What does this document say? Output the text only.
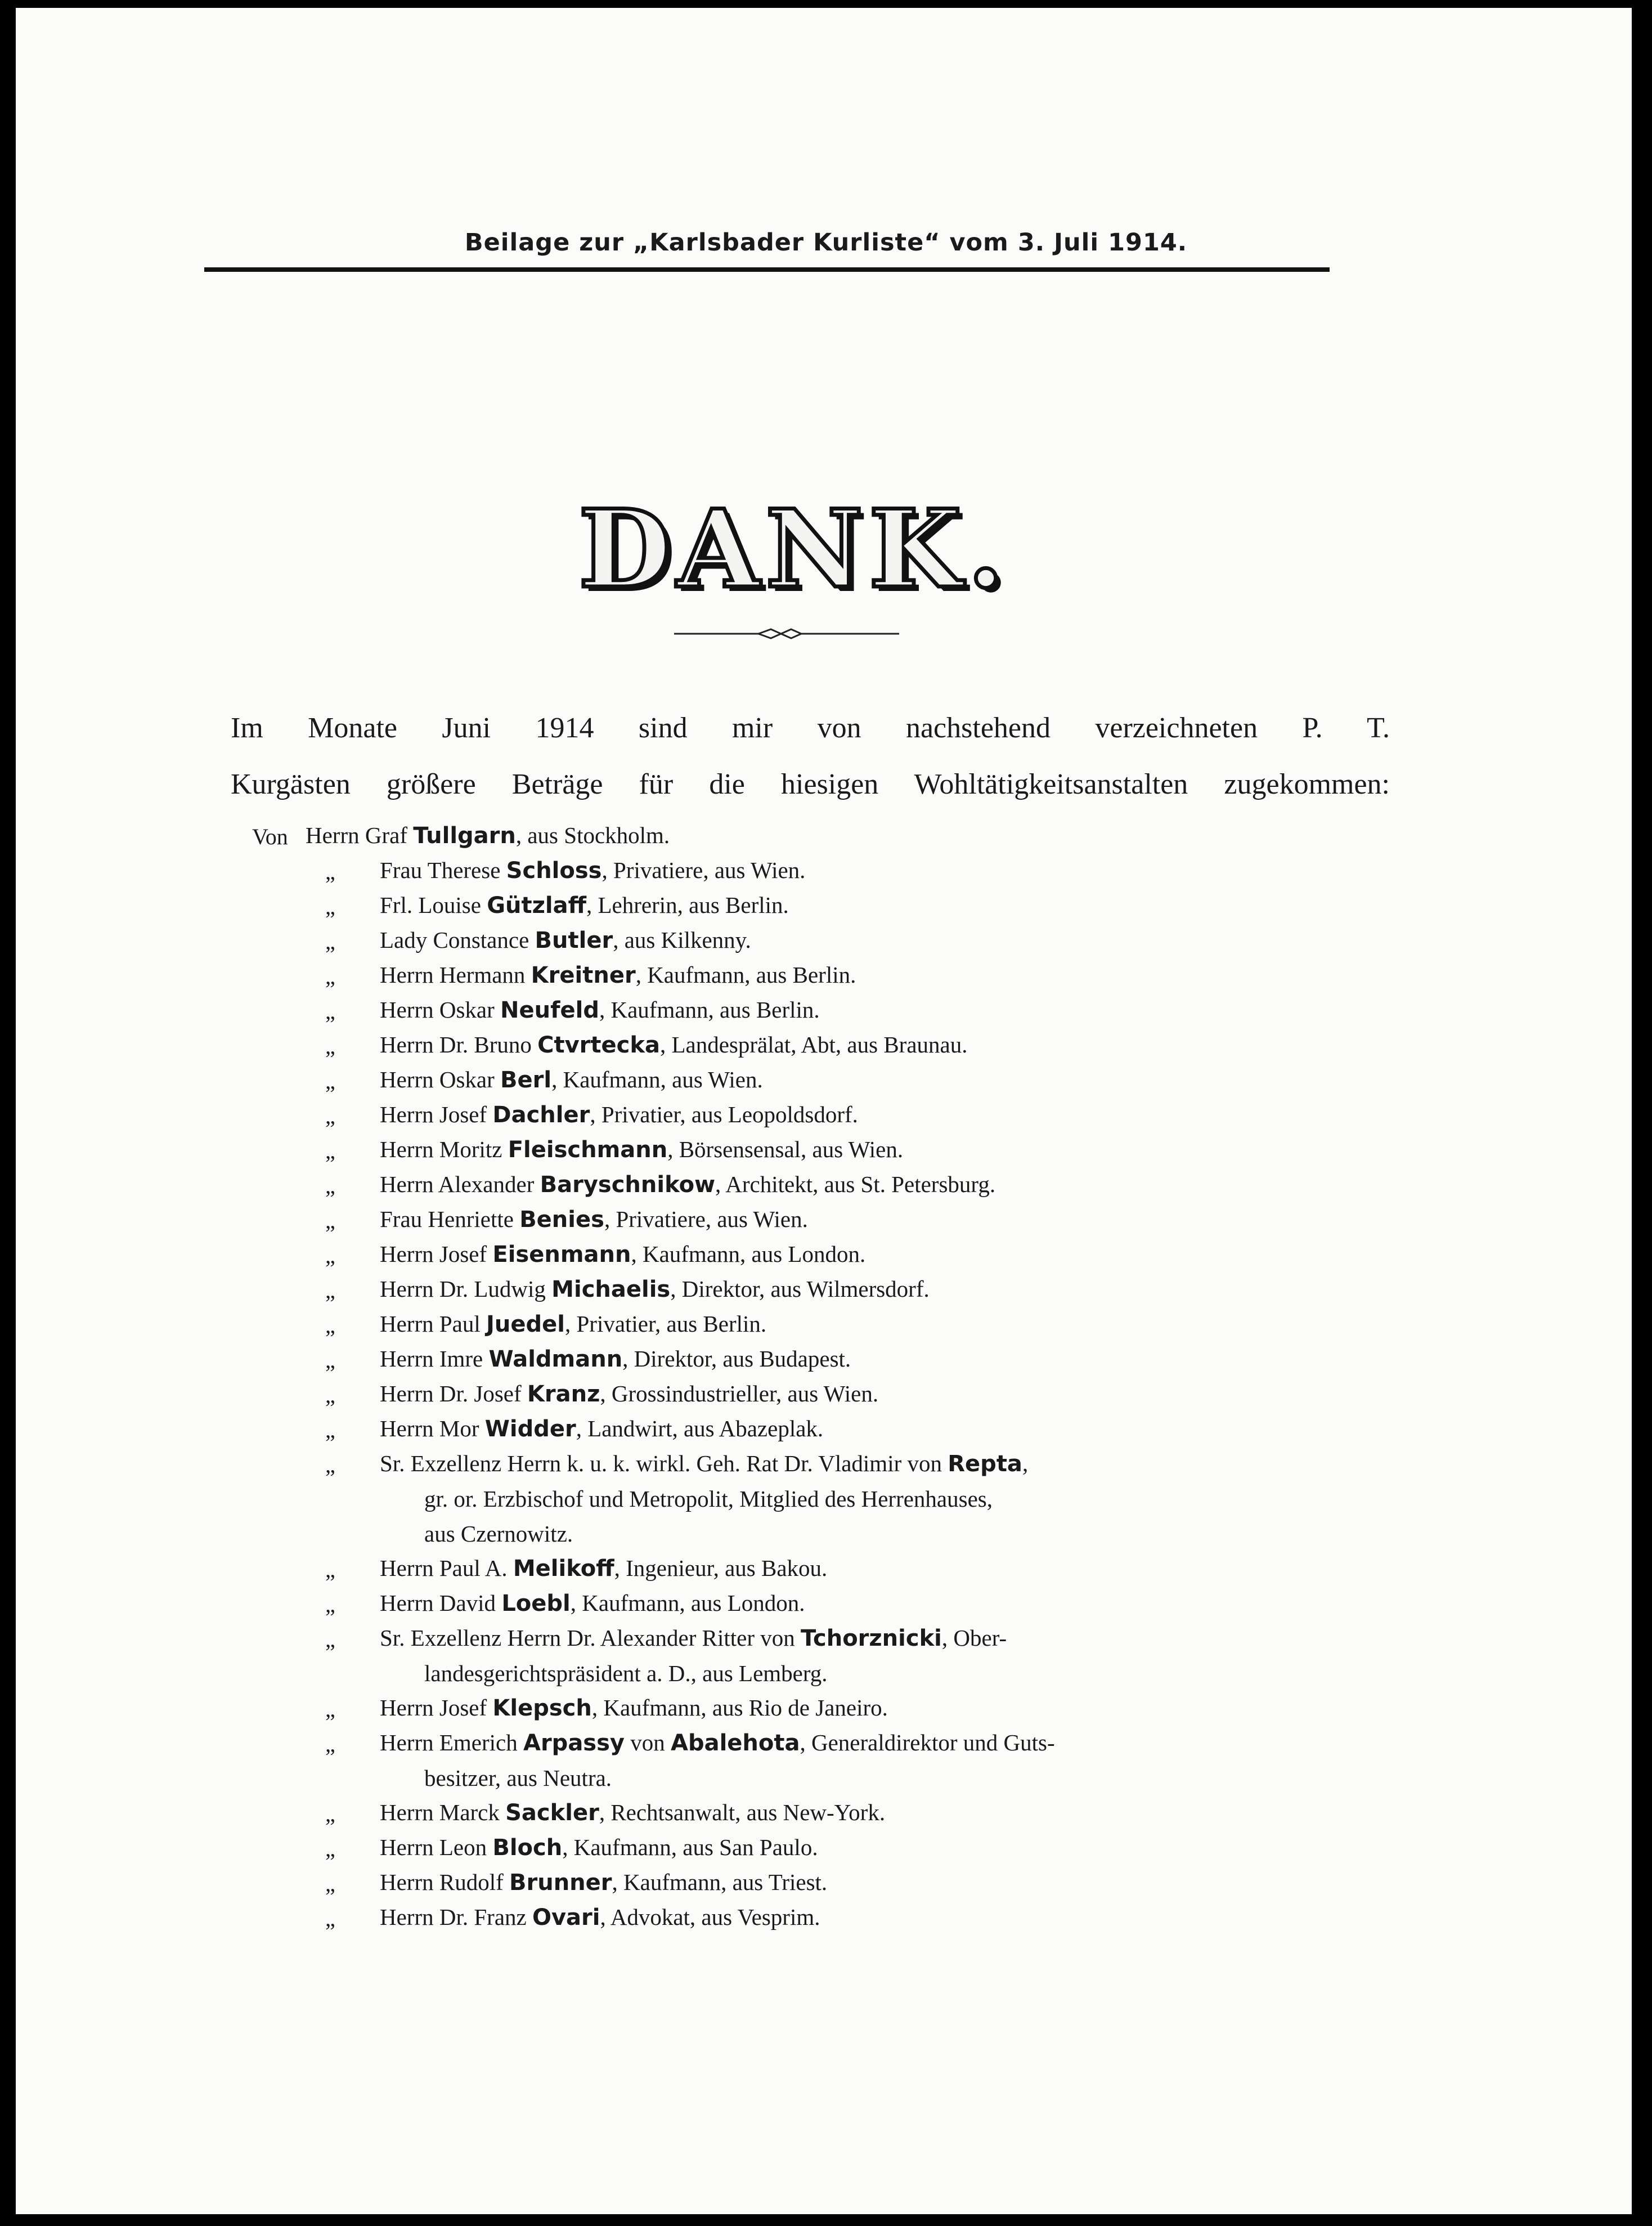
Beilage zur „Karlsbader Kurliste“ vom 3. Juli 1914.
DANK.

Im Monate Juni 1914 sind mir von nachstehend verzeichneten P. T.

Kurgästen größere Beträge für die hiesigen Wohltätigkeitsanstalten zugekommen:

Von Herrn Graf Tullgarn, aus Stockholm.
„ Frau Therese Schloss, Privatiere, aus Wien.
„ Frl. Louise Gützlaff, Lehrerin, aus Berlin.
„ Lady Constance Butler, aus Kilkenny.
„ Herrn Hermann Kreitner, Kaufmann, aus Berlin.
„ Herrn Oskar Neufeld, Kaufmann, aus Berlin.
„ Herrn Dr. Bruno Ctvrtecka, Landesprälat, Abt, aus Braunau.
„ Herrn Oskar Berl, Kaufmann, aus Wien.
„ Herrn Josef Dachler, Privatier, aus Leopoldsdorf.
„ Herrn Moritz Fleischmann, Börsensensal, aus Wien.
„ Herrn Alexander Baryschnikow, Architekt, aus St. Petersburg.
„ Frau Henriette Benies, Privatiere, aus Wien.
„ Herrn Josef Eisenmann, Kaufmann, aus London.
„ Herrn Dr. Ludwig Michaelis, Direktor, aus Wilmersdorf.
„ Herrn Paul Juedel, Privatier, aus Berlin.
„ Herrn Imre Waldmann, Direktor, aus Budapest.
„ Herrn Dr. Josef Kranz, Grossindustrieller, aus Wien.
„ Herrn Mor Widder, Landwirt, aus Abazeplak.
„ Sr. Exzellenz Herrn k. u. k. wirkl. Geh. Rat Dr. Vladimir von Repta,
gr. or. Erzbischof und Metropolit, Mitglied des Herrenhauses,
aus Czernowitz.
„ Herrn Paul A. Melikoff, Ingenieur, aus Bakou.
„ Herrn David Loebl, Kaufmann, aus London.
„ Sr. Exzellenz Herrn Dr. Alexander Ritter von Tchorznicki, Ober-
landesgerichtspräsident a. D., aus Lemberg.
„ Herrn Josef Klepsch, Kaufmann, aus Rio de Janeiro.
„ Herrn Emerich Arpassy von Abalehota, Generaldirektor und Guts-
besitzer, aus Neutra.
„ Herrn Marck Sackler, Rechtsanwalt, aus New-York.
„ Herrn Leon Bloch, Kaufmann, aus San Paulo.
„ Herrn Rudolf Brunner, Kaufmann, aus Triest.
„ Herrn Dr. Franz Ovari, Advokat, aus Vesprim.
